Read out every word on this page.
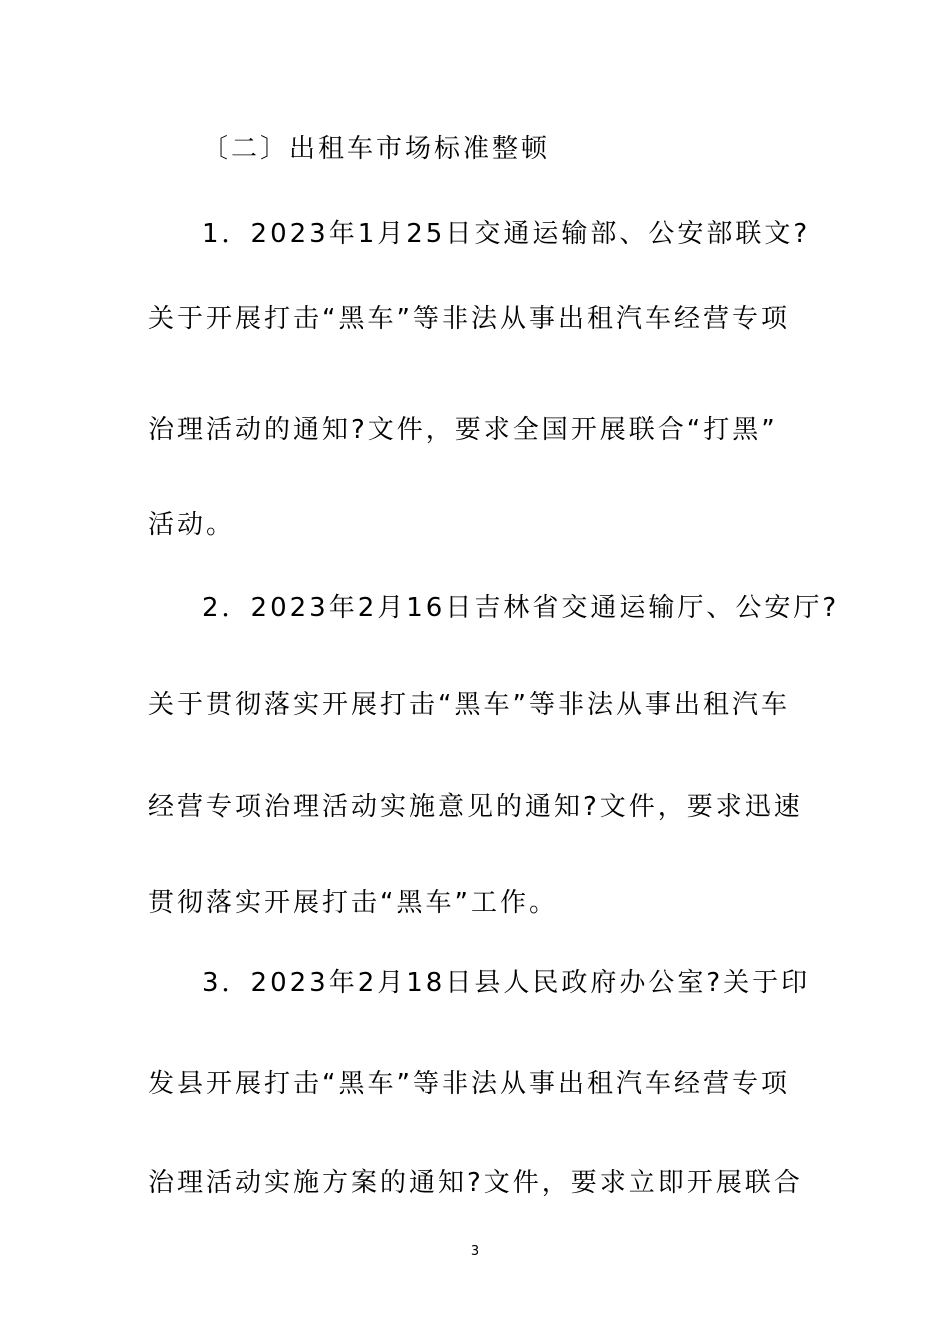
〔二〕出租车市场标准整顿
1．2023年1月25日交通运输部、公安部联文?
关于开展打击“黑车”等非法从事出租汽车经营专项
治理活动的通知?文件，要求全国开展联合“打黑”
活动。
2．2023年2月16日吉林省交通运输厅、公安厅?
关于贯彻落实开展打击“黑车”等非法从事出租汽车
经营专项治理活动实施意见的通知?文件，要求迅速
贯彻落实开展打击“黑车”工作。
3．2023年2月18日县人民政府办公室?关于印
发县开展打击“黑车”等非法从事出租汽车经营专项
治理活动实施方案的通知?文件，要求立即开展联合
3
